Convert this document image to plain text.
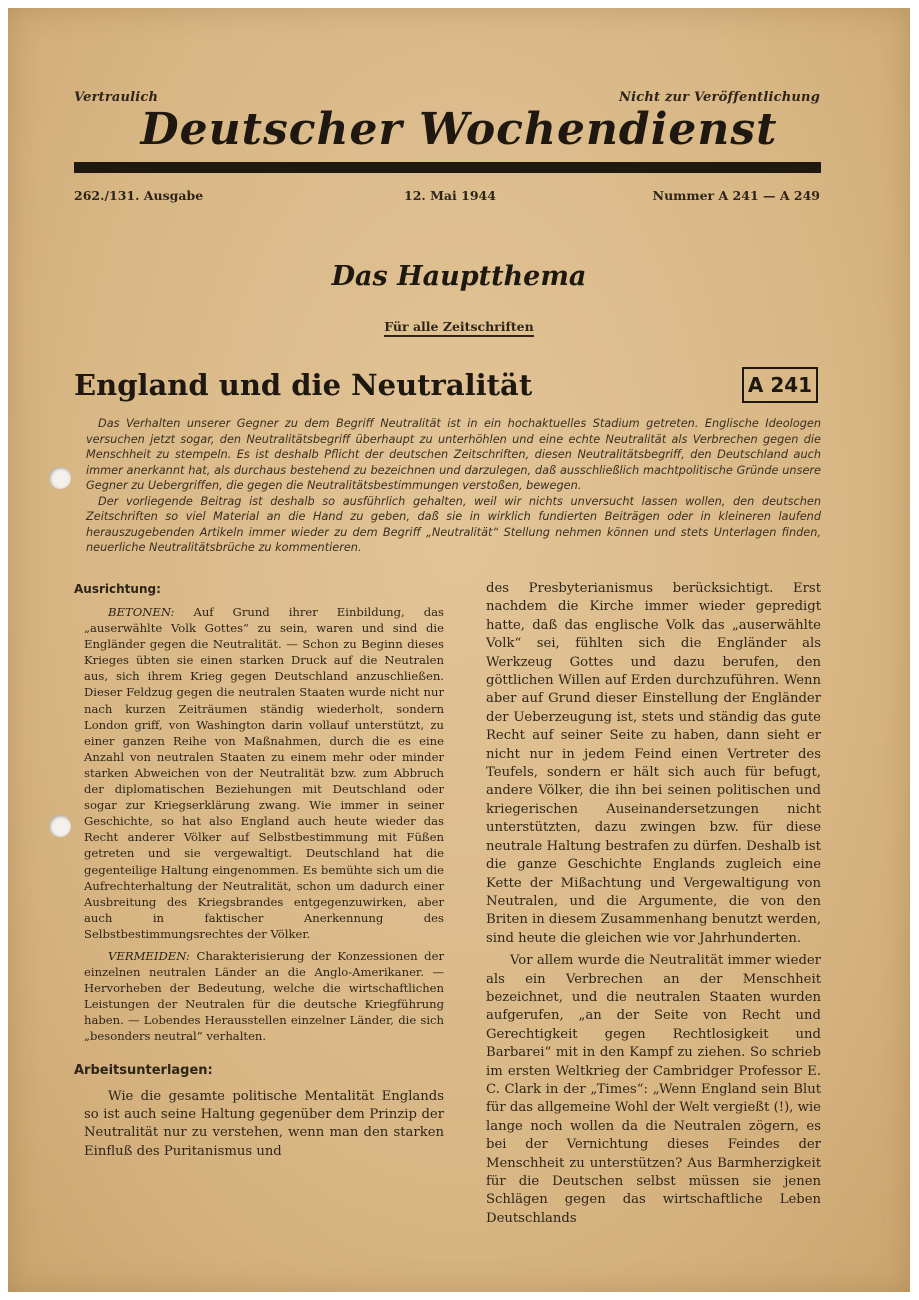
Vertraulich	Nicht zur Veröffentlichung
Deutscher Wochendienst
262./131. Ausgabe	12. Mai 1944	Nummer A 241 — A 249
Das Hauptthema
Für alle Zeitschriften
England und die Neutralität	A 241

Das Verhalten unserer Gegner zu dem Begriff Neutralität ist in ein hochaktuelles Stadium getreten. Englische Ideologen versuchen jetzt sogar, den Neutralitätsbegriff überhaupt zu unterhöhlen und eine echte Neutralität als Verbrechen gegen die Menschheit zu stempeln. Es ist deshalb Pflicht der deutschen Zeitschriften, diesen Neutralitätsbegriff, den Deutschland auch immer anerkannt hat, als durchaus bestehend zu bezeichnen und darzulegen, daß ausschließlich machtpolitische Gründe unsere Gegner zu Uebergriffen, die gegen die Neutralitätsbestimmungen verstoßen, bewegen.

Der vorliegende Beitrag ist deshalb so ausführlich gehalten, weil wir nichts unversucht lassen wollen, den deutschen Zeitschriften so viel Material an die Hand zu geben, daß sie in wirklich fundierten Beiträgen oder in kleineren laufend herauszugebenden Artikeln immer wieder zu dem Begriff „Neutralität“ Stellung nehmen können und stets Unterlagen finden, neuerliche Neutralitätsbrüche zu kommentieren.

Ausrichtung:

BETONEN: Auf Grund ihrer Einbildung, das „auserwählte Volk Gottes“ zu sein, waren und sind die Engländer gegen die Neutralität. — Schon zu Beginn dieses Krieges übten sie einen starken Druck auf die Neutralen aus, sich ihrem Krieg gegen Deutschland anzuschließen. Dieser Feldzug gegen die neutralen Staaten wurde nicht nur nach kurzen Zeiträumen ständig wiederholt, sondern London griff, von Washington darin vollauf unterstützt, zu einer ganzen Reihe von Maßnahmen, durch die es eine Anzahl von neutralen Staaten zu einem mehr oder minder starken Abweichen von der Neutralität bzw. zum Abbruch der diplomatischen Beziehungen mit Deutschland oder sogar zur Kriegserklärung zwang. Wie immer in seiner Geschichte, so hat also England auch heute wieder das Recht anderer Völker auf Selbstbestimmung mit Füßen getreten und sie vergewaltigt. Deutschland hat die gegenteilige Haltung eingenommen. Es bemühte sich um die Aufrechterhaltung der Neutralität, schon um dadurch einer Ausbreitung des Kriegsbrandes entgegenzuwirken, aber auch in faktischer Anerkennung des Selbstbestimmungsrechtes der Völker.

VERMEIDEN: Charakterisierung der Konzessionen der einzelnen neutralen Länder an die Anglo-Amerikaner. — Hervorheben der Bedeutung, welche die wirtschaftlichen Leistungen der Neutralen für die deutsche Kriegführung haben. — Lobendes Herausstellen einzelner Länder, die sich „besonders neutral“ verhalten.

Arbeitsunterlagen:

Wie die gesamte politische Mentalität Englands so ist auch seine Haltung gegenüber dem Prinzip der Neutralität nur zu verstehen, wenn man den starken Einfluß des Puritanismus und

des Presbyterianismus berücksichtigt. Erst nachdem die Kirche immer wieder gepredigt hatte, daß das englische Volk das „auserwählte Volk“ sei, fühlten sich die Engländer als Werkzeug Gottes und dazu berufen, den göttlichen Willen auf Erden durchzuführen. Wenn aber auf Grund dieser Einstellung der Engländer der Ueberzeugung ist, stets und ständig das gute Recht auf seiner Seite zu haben, dann sieht er nicht nur in jedem Feind einen Vertreter des Teufels, sondern er hält sich auch für befugt, andere Völker, die ihn bei seinen politischen und kriegerischen Auseinandersetzungen nicht unterstützten, dazu zwingen bzw. für diese neutrale Haltung bestrafen zu dürfen. Deshalb ist die ganze Geschichte Englands zugleich eine Kette der Mißachtung und Vergewaltigung von Neutralen, und die Argumente, die von den Briten in diesem Zusammenhang benutzt werden, sind heute die gleichen wie vor Jahrhunderten.

Vor allem wurde die Neutralität immer wieder als ein Verbrechen an der Menschheit bezeichnet, und die neutralen Staaten wurden aufgerufen, „an der Seite von Recht und Gerechtigkeit gegen Rechtlosigkeit und Barbarei“ mit in den Kampf zu ziehen. So schrieb im ersten Weltkrieg der Cambridger Professor E. C. Clark in der „Times“: „Wenn England sein Blut für das allgemeine Wohl der Welt vergießt (!), wie lange noch wollen da die Neutralen zögern, es bei der Vernichtung dieses Feindes der Menschheit zu unterstützen? Aus Barmherzigkeit für die Deutschen selbst müssen sie jenen Schlägen gegen das wirtschaftliche Leben Deutschlands
